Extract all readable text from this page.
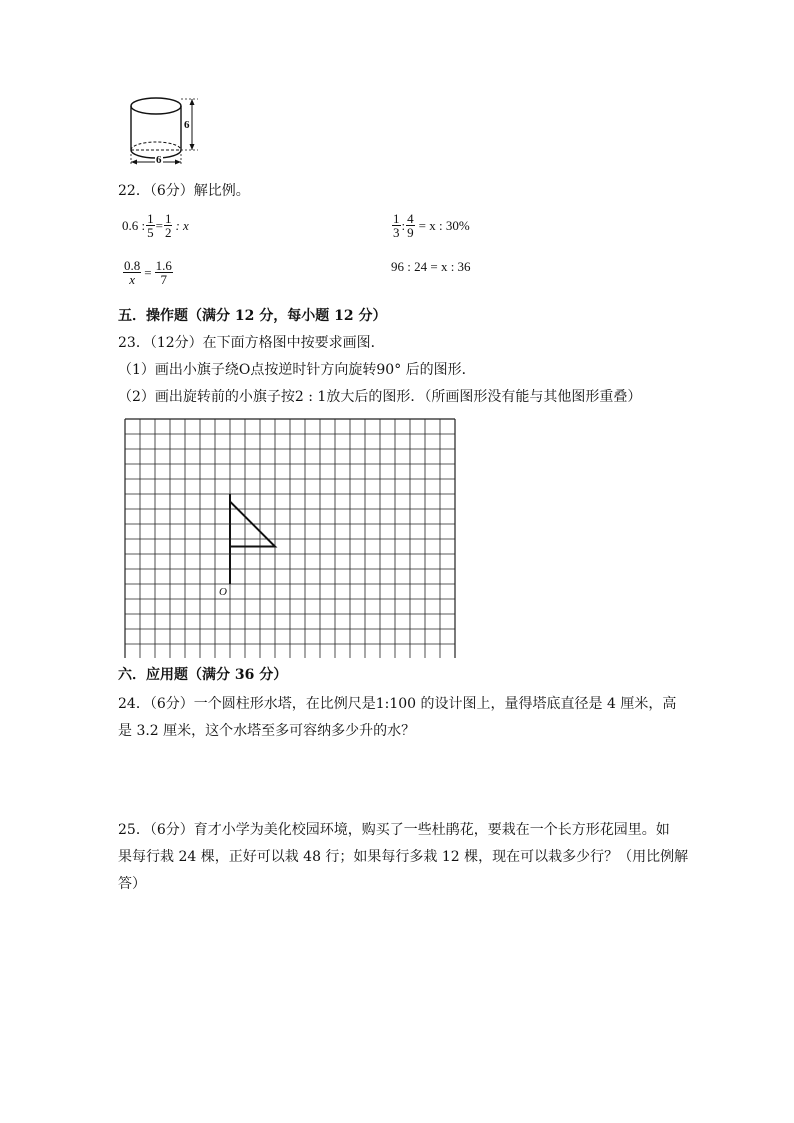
6
6
22．（6分）解比例。
0.6 : $\frac{1}{5} = \frac{1}{2}$ : x	$\frac{1}{3}$ : $\frac{4}{9} = x$ : 30%
$\frac{0.8}{x} = \frac{1.6}{7}$	96 : 24 = x : 36
五．操作题（满分 12 分，每小题 12 分）
23．（12分）在下面方格图中按要求画图．
（1）画出小旗子绕O点按逆时针方向旋转90° 后的图形．
（2）画出旋转前的小旗子按2 : 1放大后的图形．（所画图形没有能与其他图形重叠）
O
六．应用题（满分 36 分）
24．（6分）一个圆柱形水塔，在比例尺是1:100 的设计图上，量得塔底直径是 4 厘米，高
是 3.2 厘米，这个水塔至多可容纳多少升的水？
25．（6分）育才小学为美化校园环境，购买了一些杜鹃花，要栽在一个长方形花园里。如
果每行栽 24 棵，正好可以栽 48 行；如果每行多栽 12 棵，现在可以栽多少行？（用比例解
答）
